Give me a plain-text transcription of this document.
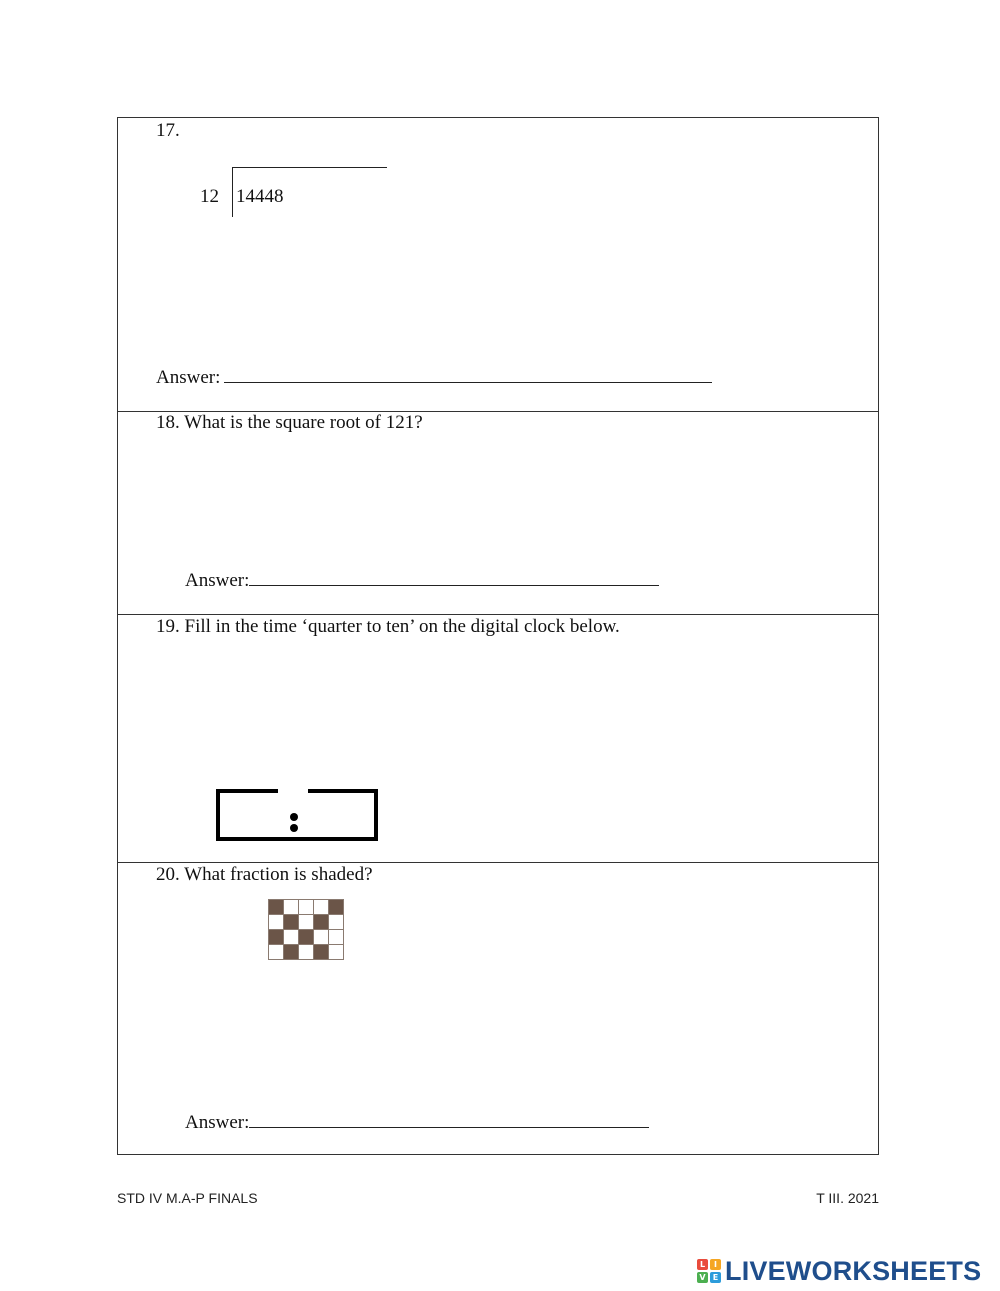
17.
12 14448
Answer:
18. What is the square root of 121?
Answer:
19. Fill in the time ‘quarter to ten’ on the digital clock below.
20. What fraction is shaded?
Answer:
STD IV M.A-P FINALS	T III. 2021
L	I
V E LIVEWORKSHEETS
